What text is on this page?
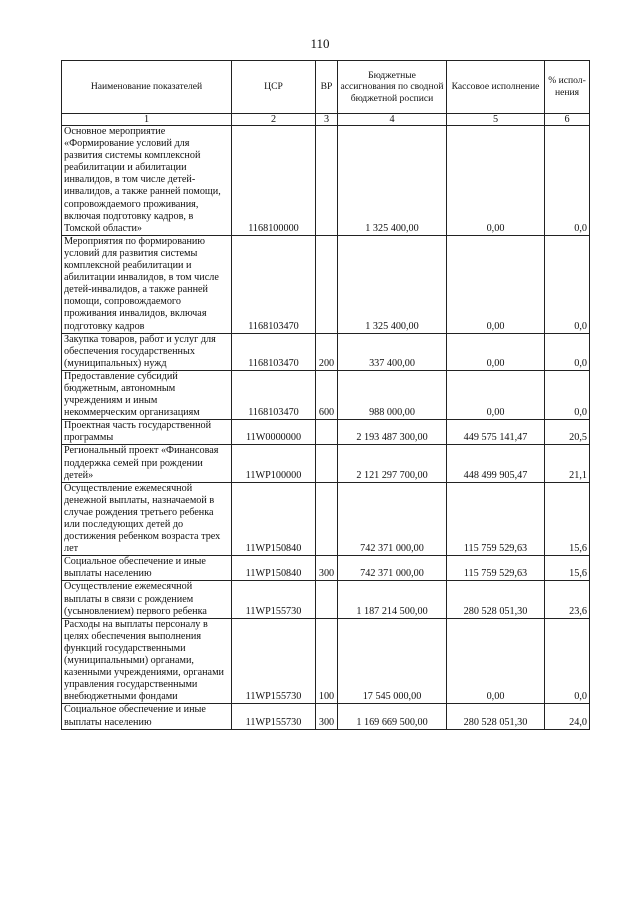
110
Наименование показателей	ЦСР	ВР	Бюджетные ассигнования по сводной бюджетной росписи	Кассовое исполнение	% испол-нения
1	2	3	4	5	6
Основное мероприятие «Формирование условий для развития системы комплексной реабилитации и абилитации инвалидов, в том числе детей-инвалидов, а также ранней помощи, сопровождаемого проживания, включая подготовку кадров, в Томской области»	1168100000		1 325 400,00	0,00	0,0
Мероприятия по формированию условий для развития системы комплексной реабилитации и абилитации инвалидов, в том числе детей-инвалидов, а также ранней помощи, сопровождаемого проживания инвалидов, включая подготовку кадров	1168103470		1 325 400,00	0,00	0,0
Закупка товаров, работ и услуг для обеспечения государственных (муниципальных) нужд	1168103470	200	337 400,00	0,00	0,0
Предоставление субсидий бюджетным, автономным учреждениям и иным некоммерческим организациям	1168103470	600	988 000,00	0,00	0,0
Проектная часть государственной программы	11W0000000		2 193 487 300,00	449 575 141,47	20,5
Региональный проект «Финансовая поддержка семей при рождении детей»	11WP100000		2 121 297 700,00	448 499 905,47	21,1
Осуществление ежемесячной денежной выплаты, назначаемой в случае рождения третьего ребенка или последующих детей до достижения ребенком возраста трех лет	11WP150840		742 371 000,00	115 759 529,63	15,6
Социальное обеспечение и иные выплаты населению	11WP150840	300	742 371 000,00	115 759 529,63	15,6
Осуществление ежемесячной выплаты в связи с рождением (усыновлением) первого ребенка	11WP155730		1 187 214 500,00	280 528 051,30	23,6
Расходы на выплаты персоналу в целях обеспечения выполнения функций государственными (муниципальными) органами, казенными учреждениями, органами управления государственными внебюджетными фондами	11WP155730	100	17 545 000,00	0,00	0,0
Социальное обеспечение и иные выплаты населению	11WP155730	300	1 169 669 500,00	280 528 051,30	24,0
